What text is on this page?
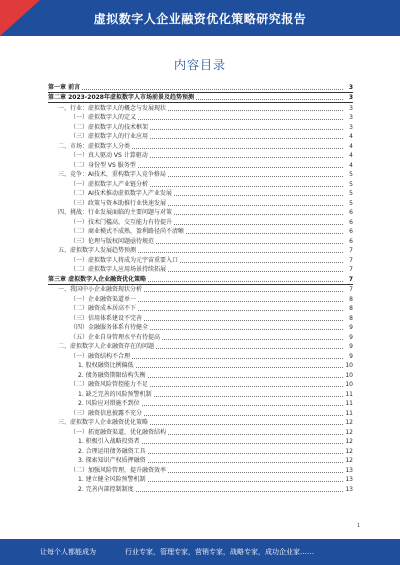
虚拟数字人企业融资优化策略研究报告
内容目录
第一章 前言	3
第二章 2023-2028年虚拟数字人市场前景及趋势预测	3
一、行业：虚拟数字人的概念与发展现状	3
（一）虚拟数字人的定义	3
（二）虚拟数字人的技术框架	3
（三）虚拟数字人的行业应用	4
二、市场：虚拟数字人分类	4
（一）真人驱动 VS 计算驱动	4
（二）身份型 VS 服务型	4
三、竞争：AI技术，重构数字人竞争格局	5
（一）虚拟数字人产业链分析	5
（二）AI技术推动虚拟数字人产业发展	5
（三）政策与资本助推行业快速发展	5
四、挑战：行业发展面临的主要问题与对策	6
（一）技术门槛高，交互能力有待提升	6
（二）商业模式不成熟，盈利路径尚不清晰	6
（三）伦理与版权问题亟待规范	6
五、虚拟数字人发展趋势预测	7
（一）虚拟数字人将成为元宇宙重要入口	7
（二）虚拟数字人应用场景持续拓展	7
第三章 虚拟数字人企业融资优化策略	7
一、我国中小企业融资现状分析	7
（一）企业融资渠道单一	8
（二）融资成本居高不下	8
（三）信用体系建设不完善	8
（四）金融服务体系有待健全	9
（五）企业自身管理水平有待提高	9
二、虚拟数字人企业融资存在的问题	9
（一）融资结构不合理	9
1. 股权融资比例偏低	10
2. 债务融资期限结构失衡	10
（二）融资风险管控能力不足	10
1. 缺乏完善的风险预警机制	11
2. 风险应对措施不到位	11
（三）融资信息披露不充分	11
三、虚拟数字人企业融资优化策略	12
（一）拓宽融资渠道，优化融资结构	12
1. 积极引入战略投资者	12
2. 合理运用债务融资工具	12
3. 探索知识产权质押融资	12
（二）加强风险管理，提升融资效率	13
1. 建立健全风险预警机制	13
2. 完善内部控制制度	13
1
让每个人都能成为	行业专家，管理专家，营销专家，战略专家，成功企业家……
